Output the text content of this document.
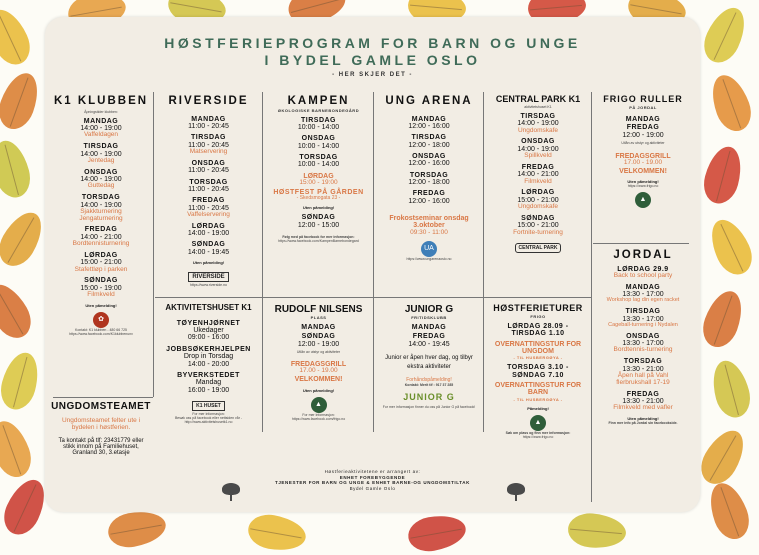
HØSTFERIEPROGRAM FOR BARN OG UNGE
I BYDEL GAMLE OSLO
- HER SKJER DET -
K1 KLUBBEN
Åpningstider klubben:
MANDAG
14:00 - 19:00
Vaffeldagen
TIRSDAG
14:00 - 19:00
Jentedag
ONSDAG
14:00 - 19:00
Guttedag
TORSDAG
14:00 - 19:00
Sjakkturnering
Jengaturnering
FREDAG
14:00 - 21:00
Bordtennisturnering
LØRDAG
15:00 - 21:00
Stafettløp i parken
SØNDAG
15:00 - 19:00
Filmkveld
Uten påmelding!
✿
Kontakt: K1 klubben - 480 66 725
https://www.facebook.com/K1klubbenunv
UNGDOMSTEAMET
Ungdomsteamet felter ute i bydelen i høstferien.
Ta kontakt på tlf: 23431779 eller stikk innom på Familiehuset, Granland 30, 3.etasje
RIVERSIDE
MANDAG
11:00 - 20:45
TIRSDAG
11:00 - 20:45
Matservering
ONSDAG
11:00 - 20:45
TORSDAG
11:00 - 20:45
FREDAG
11:00 - 20:45
Vaffelservering
LØRDAG
14:00 - 19:00
SØNDAG
14:00 - 19:45
Uten påmelding!
RIVERSIDE
https://www.riverside.no
KAMPEN
ØKOLOGISKE BARNEBONDEGÅRD
TIRSDAG
10:00 - 14:00
ONSDAG
10:00 - 14:00
TORSDAG
10:00 - 14:00
LØRDAG
15:00 - 19:00
HØSTFEST PÅ GÅRDEN
- Skedsmogata 23 -
Uten påmelding!
SØNDAG
12:00 - 15:00
Følg med på facebook for mer informasjon:
https://www.facebook.com/KampenBarnebondegard
UNG ARENA
MANDAG
12:00 - 16:00
TIRSDAG
12:00 - 18:00
ONSDAG
12:00 - 16:00
TORSDAG
12:00 - 18:00
FREDAG
12:00 - 16:00
Frokostseminar onsdag 3.oktober
09:30 - 11:00
UA
https://www.ungarenaoslo.no
CENTRAL PARK K1
aktivitetshuset K1
TIRSDAG
14:00 - 19:00
Ungdomskafe
ONSDAG
14:00 - 19:00
Spillkveld
FREDAG
14:00 - 21:00
Filmkveld
LØRDAG
15:00 - 21:00
Ungdomskafe
SØNDAG
15:00 - 21:00
Fortnite-turnering
CENTRAL PARK
FRIGO RULLER
PÅ JORDAL
MANDAG
FREDAG
12:00 - 19:00
Utlån av utstyr og aktiviteter
FREDAGSGRILL
17.00 - 19.00
VELKOMMEN!
Uten påmelding!
https://www.frigo.no
▲
JORDAL
LØRDAG 29.9
Back to school party
MANDAG
13:30 - 17:00
Workshop lag din egen racket
TIRSDAG
13:30 - 17:00
Cageball-turnering i Nydalen
ONSDAG
13:30 - 17:00
Bordtennis-turnering
TORSDAG
13:30 - 21:00
Åpen hall på Vahl
flerbrukshall 17-19
FREDAG
13:30 - 21:00
Filmkveld med vafler
Uten påmelding!
Finn mer info på Jordal sin facebookside.
AKTIVITETSHUSET K1
TØYENHJØRNET
Ukedager
09:00 - 16:00
JOBBSØKERHJELPEN
Drop in Torsdag
14:00 - 20:00
BYVERKSTEDET
Mandag
16:00 - 19:00
K1 HUSET
For mer informasjon:
Besøk oss på facebook eller nettsiden vår - http://www.aktivitetshusetk1.no
RUDOLF NILSENS
PLASS
MANDAG
SØNDAG
12:00 - 19:00
Utlån av utstyr og aktiviteter
FREDAGSGRILL
17.00 - 19.00
VELKOMMEN!
Uten påmelding!
▲
For mer informasjon:
https://www.facebook.com/frigo.no
JUNIOR G
FRITIDSKLUBB
MANDAG
FREDAG
14:00 - 19:45
Junior er åpen hver dag, og tilbyr ekstra aktiviteter
Forhåndspåmelding!
Kontakt: Merit tlf : 917 37 285
JUNIOR G
For mer informasjon finner du oss på Junior G på facebook!
HØSTFERIETURER
FRIGO
LØRDAG 28.09 - TIRSDAG 1.10
OVERNATTINGSTUR FOR UNGDOM
- TIL HUSBERGØYA -
TORSDAG 3.10 - SØNDAG 7.10
OVERNATTINGSTUR FOR BARN
- TIL HUSBERGØYA -
Påmelding!
▲
Søk om plass og finn mer informasjon:
https://www.frigo.no
Høstferieaktivitetene er arrangert av:
ENHET FOREBYGGENDE
TJENESTER FOR BARN OG UNGE & ENHET BARNE-OG UNGDOMSTILTAK
Bydel Gamle Oslo
